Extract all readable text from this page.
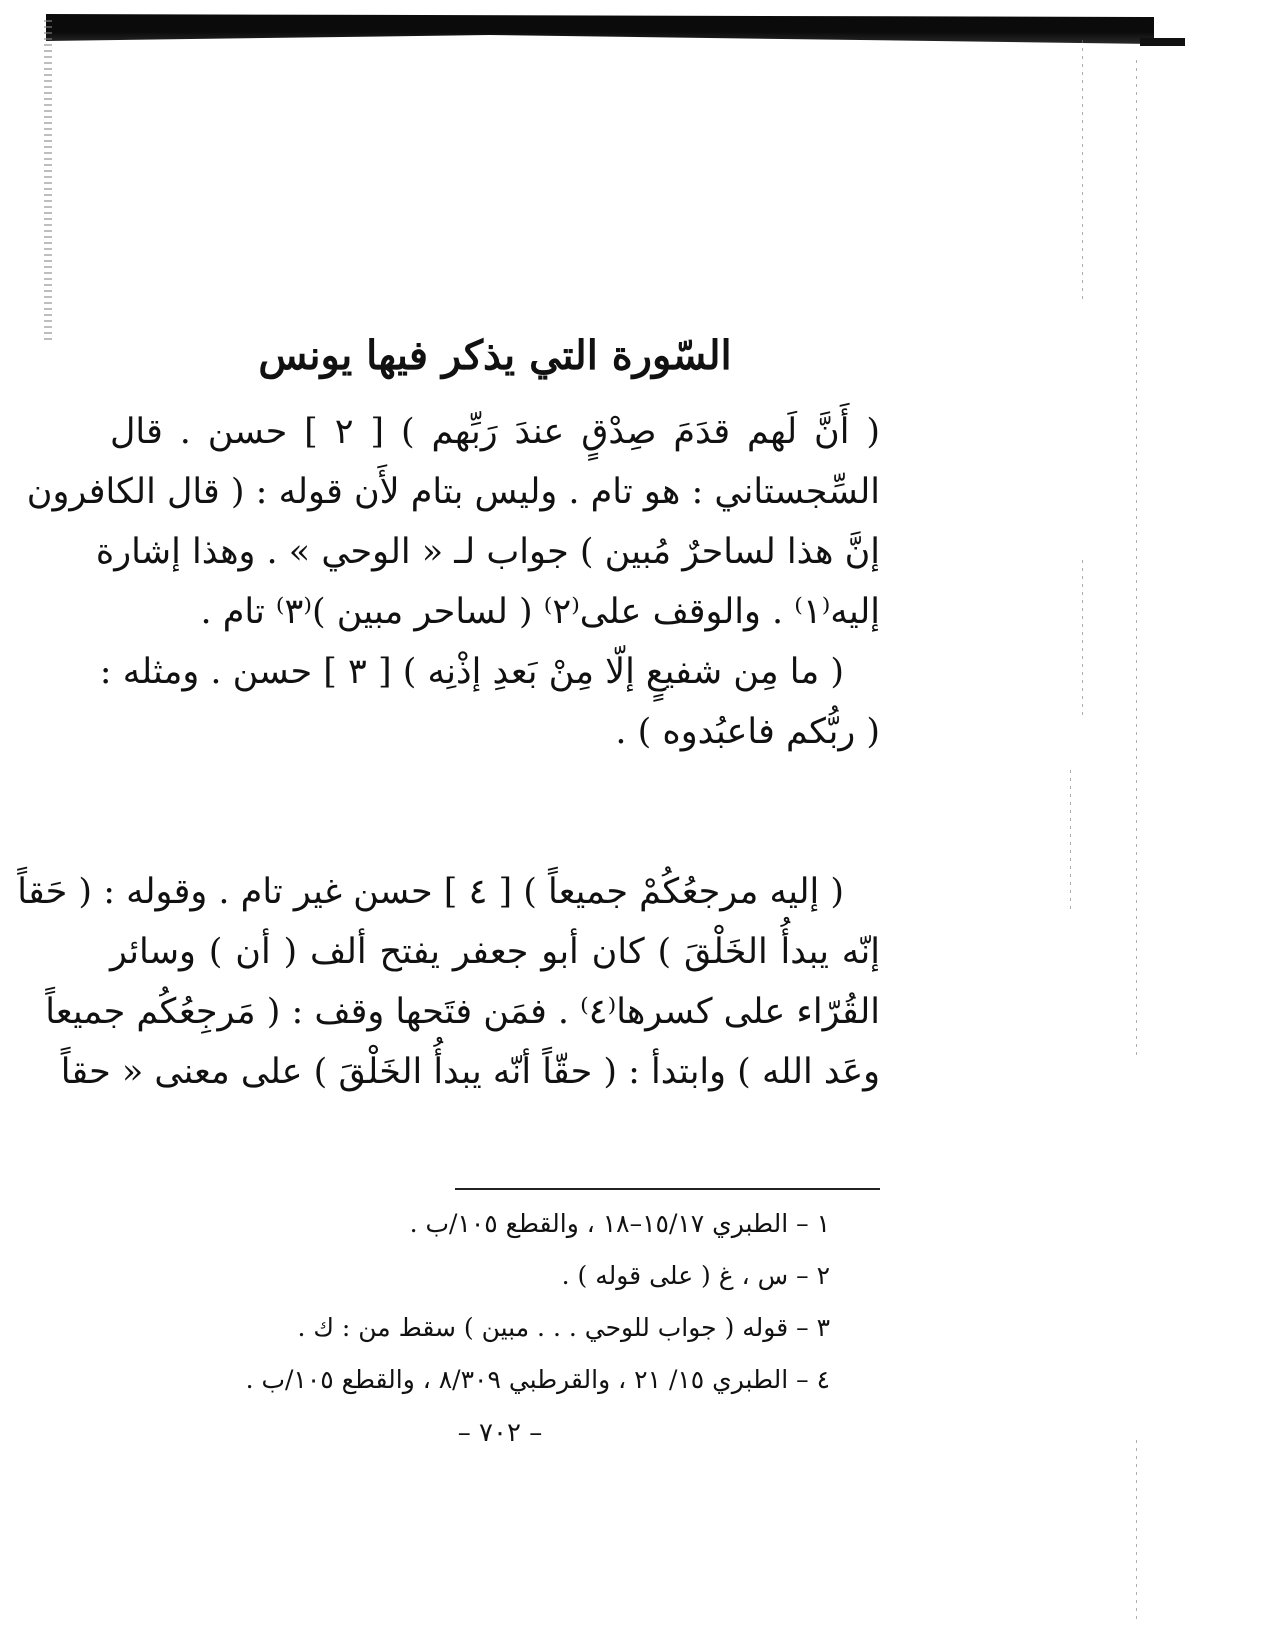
السّورة التي يذكر فيها يونس
( أَنَّ لَهم قدَمَ صِدْقٍ عندَ رَبِّهم ) [ ٢ ] حسن . قال
السِّجستاني : هو تام . وليس بتام لأَن قوله : ( قال الكافرون
إنَّ هذا لساحرٌ مُبين ) جواب لـ « الوحي » . وهذا إشارة
إليه⁽١⁾ . والوقف على⁽٢⁾ ( لساحر مبين )⁽٣⁾ تام .
( ما مِن شفيعٍ إلّا مِنْ بَعدِ إذْنِه ) [ ٣ ] حسن . ومثله :
( ربُّكم فاعبُدوه ) .
( إليه مرجعُكُمْ جميعاً ) [ ٤ ] حسن غير تام . وقوله : ( حَقاً
إنّه يبدأُ الخَلْقَ ) كان أبو جعفر يفتح ألف ( أن ) وسائر
القُرّاء على كسرها⁽٤⁾ . فمَن فتَحها وقف : ( مَرجِعُكُم جميعاً
وعَد الله ) وابتدأ : ( حقّاً أنّه يبدأُ الخَلْقَ ) على معنى « حقاً
١ – الطبري ١٥/١٧–١٨ ، والقطع ١٠٥/ب .
٢ – س ، غ ( على قوله ) .
٣ – قوله ( جواب للوحي . . . مبين ) سقط من : ك .
٤ – الطبري ١٥/ ٢١ ، والقرطبي ٨/٣٠٩ ، والقطع ١٠٥/ب .
– ٧٠٢ –
